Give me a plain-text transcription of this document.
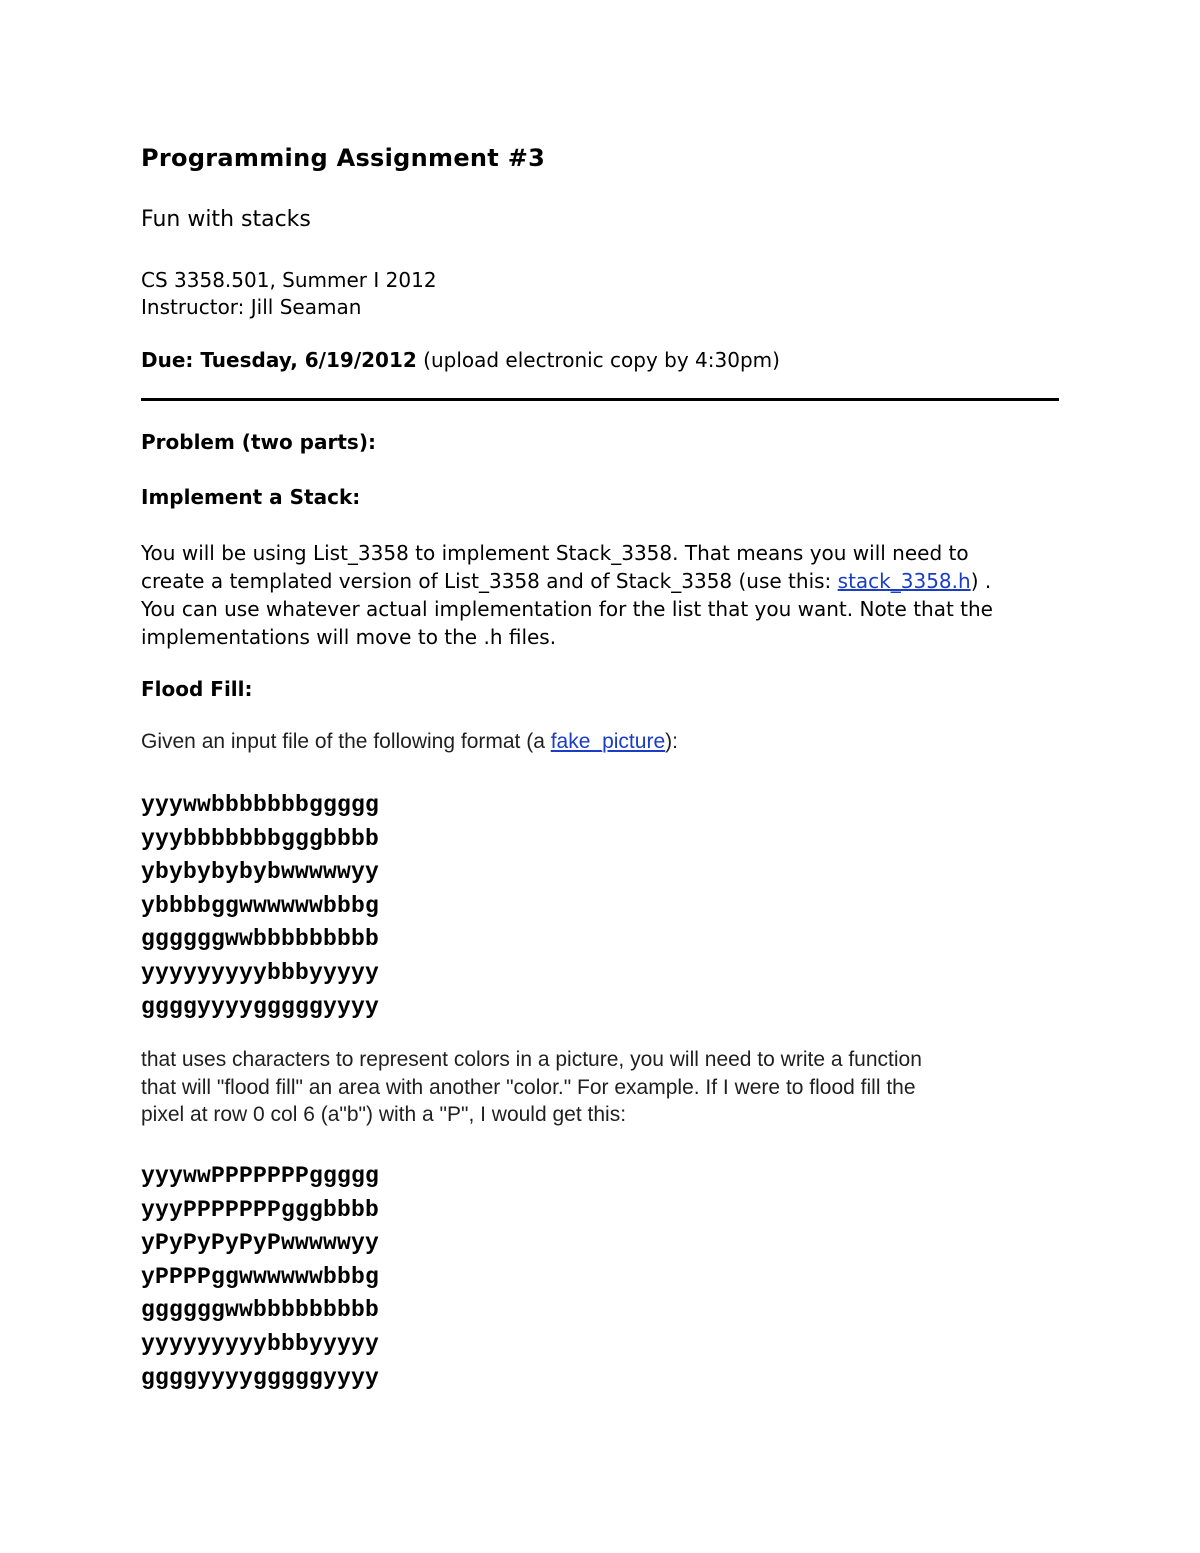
Programming Assignment #3
Fun with stacks
CS 3358.501, Summer I 2012
Instructor: Jill Seaman
Due: Tuesday, 6/19/2012 (upload electronic copy by 4:30pm)
Problem (two parts):
Implement a Stack:
You will be using List_3358 to implement Stack_3358. That means you will need to
create a templated version of List_3358 and of Stack_3358 (use this: stack_3358.h) .
You can use whatever actual implementation for the list that you want. Note that the
implementations will move to the .h files.
Flood Fill:
Given an input file of the following format (a fake_picture):
yyywwbbbbbbbggggg
yyybbbbbbbgggbbbb
ybybybybybwwwwwyy
ybbbbggwwwwwwbbbg
ggggggwwbbbbbbbbb
yyyyyyyyybbbyyyyy
ggggyyyygggggyyyy
that uses characters to represent colors in a picture, you will need to write a function
that will "flood fill" an area with another "color." For example. If I were to flood fill the
pixel at row 0 col 6 (a"b") with a "P", I would get this:
yyywwPPPPPPPggggg
yyyPPPPPPPgggbbbb
yPyPyPyPyPwwwwwyy
yPPPPggwwwwwwbbbg
ggggggwwbbbbbbbbb
yyyyyyyyybbbyyyyy
ggggyyyygggggyyyy
